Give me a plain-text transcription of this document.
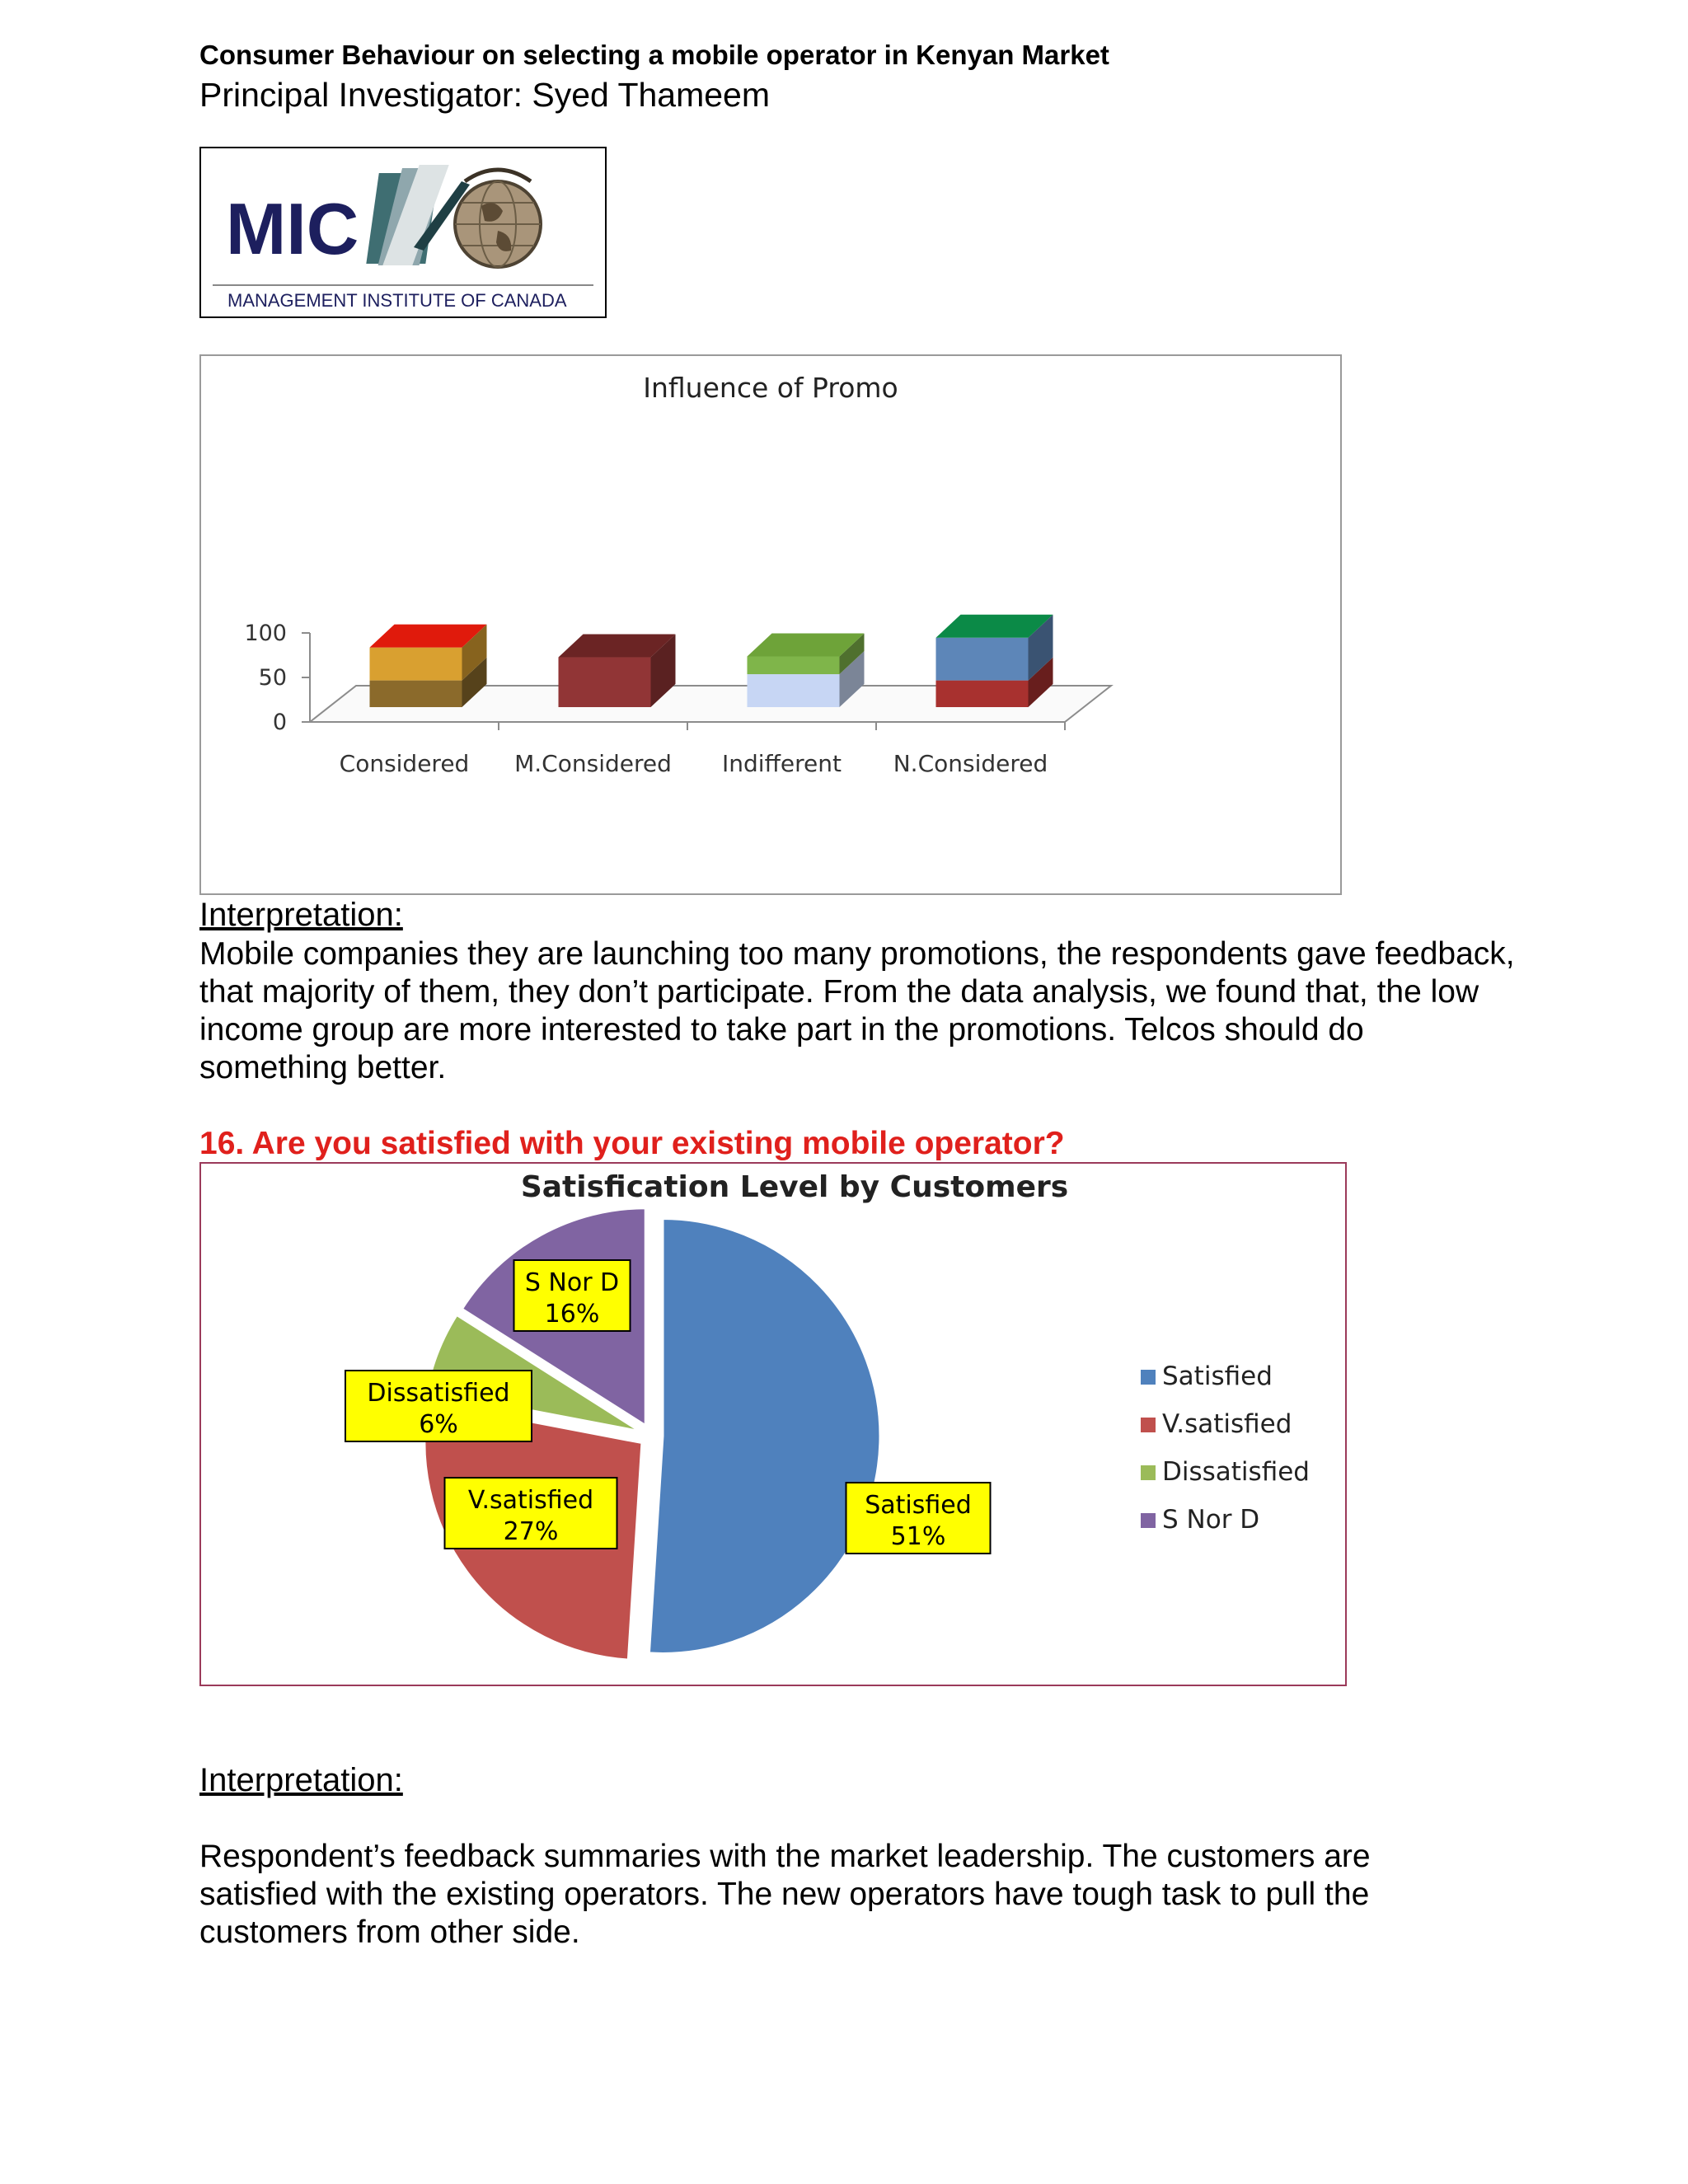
Consumer Behaviour on selecting a mobile operator in Kenyan Market
Principal Investigator: Syed Thameem
MIC
MANAGEMENT INSTITUTE OF CANADA
Influence of Promo
0
50
100
Considered M.Considered Indifferent N.Considered
Interpretation:
Mobile companies they are launching too many promotions, the respondents gave feedback, that majority of them, they don’t participate. From the data analysis, we found that, the low income group are more interested to take part in the promotions. Telcos should do something better.
16. Are you satisfied with your existing mobile operator?
Satisfication Level by Customers
Satisfied
51%
V.satisfied
27%
Dissatisfied
6%
S Nor D
16%
Satisfied
V.satisfied
Dissatisfied
S Nor D
Interpretation:
Respondent’s feedback summaries with the market leadership. The customers are satisfied with the existing operators. The new operators have tough task to pull the customers from other side.
